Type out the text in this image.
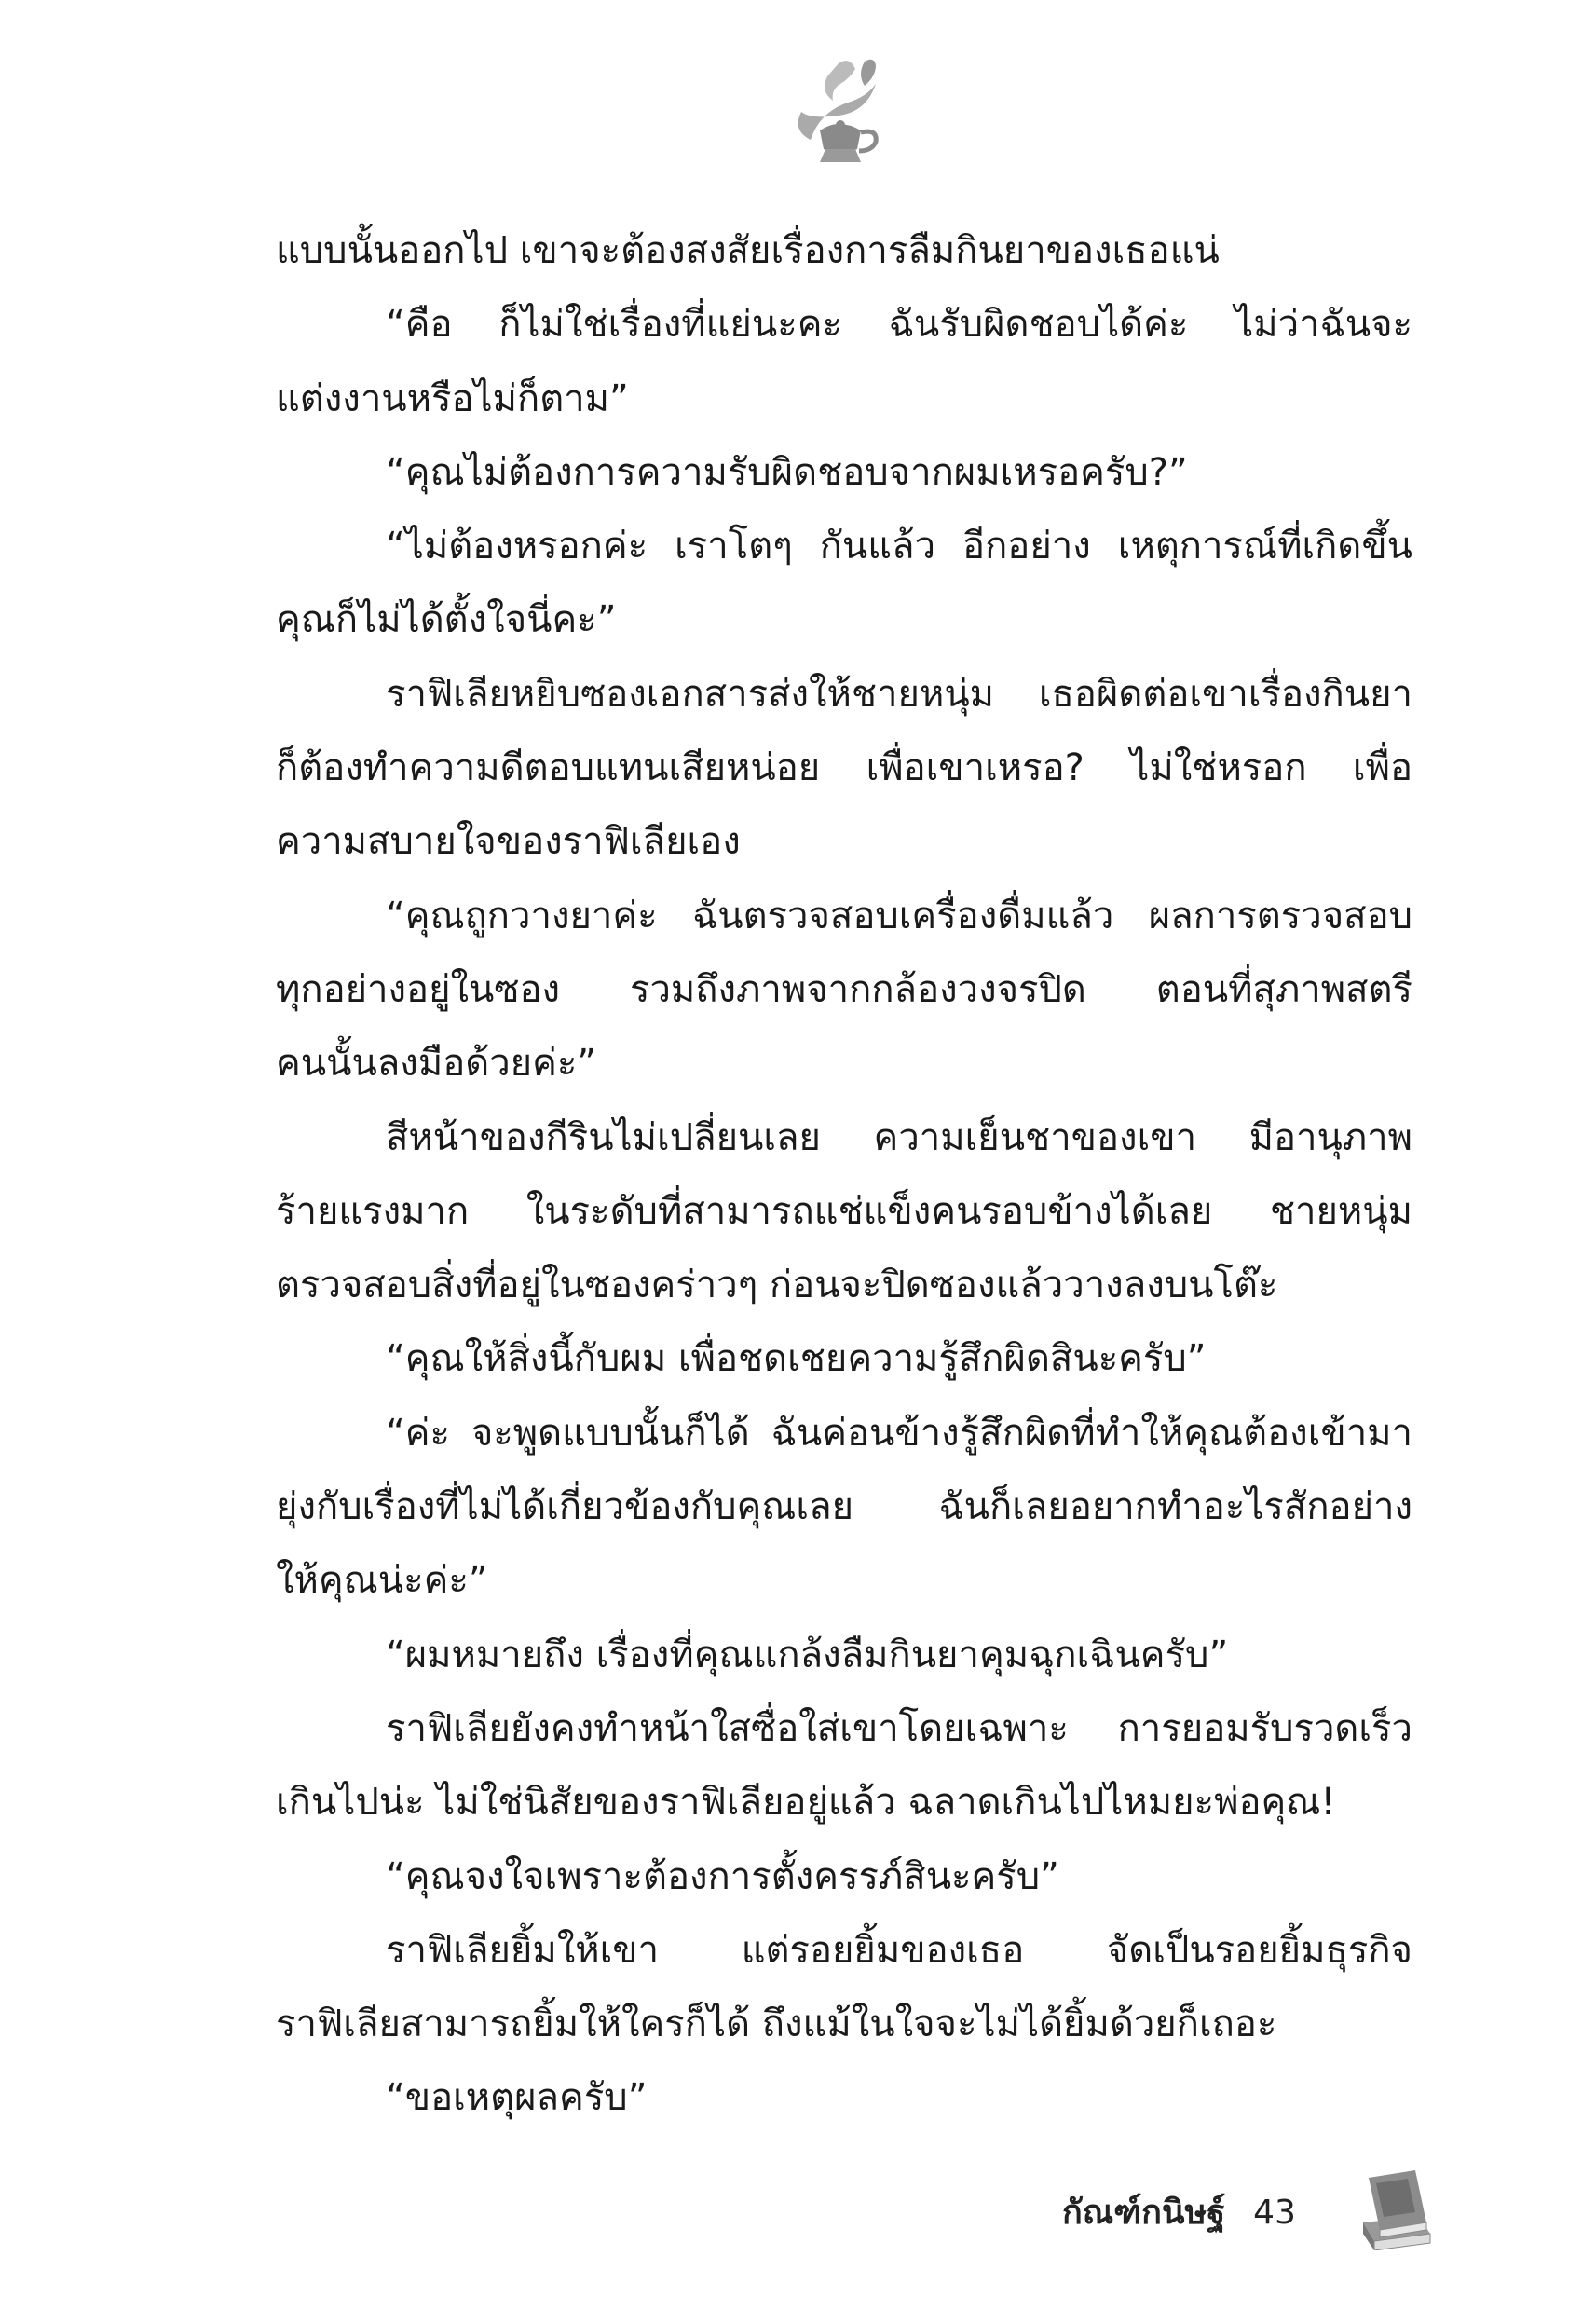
แบบนั้นออกไป เขาจะต้องสงสัยเรื่องการลืมกินยาของเธอแน่
“คือ ก็ไม่ใช่เรื่องที่แย่นะคะ ฉันรับผิดชอบได้ค่ะ ไม่ว่าฉันจะ
แต่งงานหรือไม่ก็ตาม”
“คุณไม่ต้องการความรับผิดชอบจากผมเหรอครับ?”
“ไม่ต้องหรอกค่ะ เราโตๆ กันแล้ว อีกอย่าง เหตุการณ์ที่เกิดขึ้น
คุณก็ไม่ได้ตั้งใจนี่คะ”
ราฟิเลียหยิบซองเอกสารส่งให้ชายหนุ่ม เธอผิดต่อเขาเรื่องกินยา
ก็ต้องทำความดีตอบแทนเสียหน่อย เพื่อเขาเหรอ? ไม่ใช่หรอก เพื่อ
ความสบายใจของราฟิเลียเอง
“คุณถูกวางยาค่ะ ฉันตรวจสอบเครื่องดื่มแล้ว ผลการตรวจสอบ
ทุกอย่างอยู่ในซอง รวมถึงภาพจากกล้องวงจรปิด ตอนที่สุภาพสตรี
คนนั้นลงมือด้วยค่ะ”
สีหน้าของกีรินไม่เปลี่ยนเลย ความเย็นชาของเขา มีอานุภาพ
ร้ายแรงมาก ในระดับที่สามารถแช่แข็งคนรอบข้างได้เลย ชายหนุ่ม
ตรวจสอบสิ่งที่อยู่ในซองคร่าวๆ ก่อนจะปิดซองแล้ววางลงบนโต๊ะ
“คุณให้สิ่งนี้กับผม เพื่อชดเชยความรู้สึกผิดสินะครับ”
“ค่ะ จะพูดแบบนั้นก็ได้ ฉันค่อนข้างรู้สึกผิดที่ทำให้คุณต้องเข้ามา
ยุ่งกับเรื่องที่ไม่ได้เกี่ยวข้องกับคุณเลย ฉันก็เลยอยากทำอะไรสักอย่าง
ให้คุณน่ะค่ะ”
“ผมหมายถึง เรื่องที่คุณแกล้งลืมกินยาคุมฉุกเฉินครับ”
ราฟิเลียยังคงทำหน้าใสซื่อใส่เขาโดยเฉพาะ การยอมรับรวดเร็ว
เกินไปน่ะ ไม่ใช่นิสัยของราฟิเลียอยู่แล้ว ฉลาดเกินไปไหมยะพ่อคุณ!
“คุณจงใจเพราะต้องการตั้งครรภ์สินะครับ”
ราฟิเลียยิ้มให้เขา แต่รอยยิ้มของเธอ จัดเป็นรอยยิ้มธุรกิจ
ราฟิเลียสามารถยิ้มให้ใครก็ได้ ถึงแม้ในใจจะไม่ได้ยิ้มด้วยก็เถอะ
“ขอเหตุผลครับ”
กัณฑ์กนิษฐ์ 43
